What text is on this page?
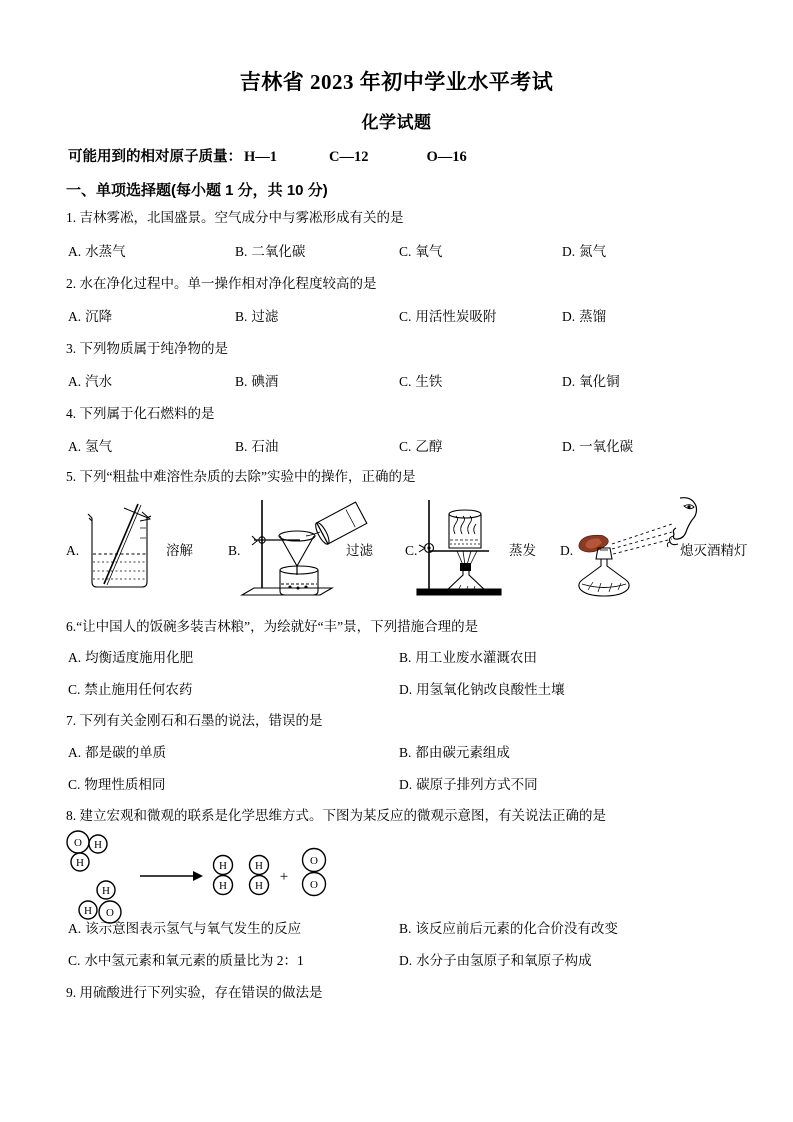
吉林省 2023 年初中学业水平考试
化学试题
可能用到的相对原子质量： H—1	C—12	O—16
一、单项选择题(每小题 1 分，共 10 分)
1. 吉林雾凇，北国盛景。空气成分中与雾凇形成有关的是
A. 水蒸气	B. 二氧化碳	C. 氧气	D. 氮气
2. 水在净化过程中。单一操作相对净化程度较高的是
A. 沉降	B. 过滤	C. 用活性炭吸附	D. 蒸馏
3. 下列物质属于纯净物的是
A. 汽水	B. 碘酒	C. 生铁	D. 氧化铜
4. 下列属于化石燃料的是
A. 氢气	B. 石油	C. 乙醇	D. 一氧化碳
5. 下列“粗盐中难溶性杂质的去除”实验中的操作，正确的是
A.	溶解	B.	过滤 C.	蒸发 D.	熄灭酒精灯
6.“让中国人的饭碗多装吉林粮”，为绘就好“丰”景，下列措施合理的是
A. 均衡适度施用化肥	B. 用工业废水灌溉农田
C. 禁止施用任何农药	D. 用氢氧化钠改良酸性土壤
7. 下列有关金刚石和石墨的说法，错误的是
A. 都是碳的单质	B. 都由碳元素组成
C. 物理性质相同	D. 碳原子排列方式不同
8. 建立宏观和微观的联系是化学思维方式。下图为某反应的微观示意图，有关说法正确的是
O H
H
H
H O
H
H
H
H
O
O
+
A. 该示意图表示氢气与氧气发生的反应	B. 该反应前后元素的化合价没有改变
C. 水中氢元素和氧元素的质量比为 2：1	D. 水分子由氢原子和氧原子构成
9. 用硫酸进行下列实验，存在错误的做法是
